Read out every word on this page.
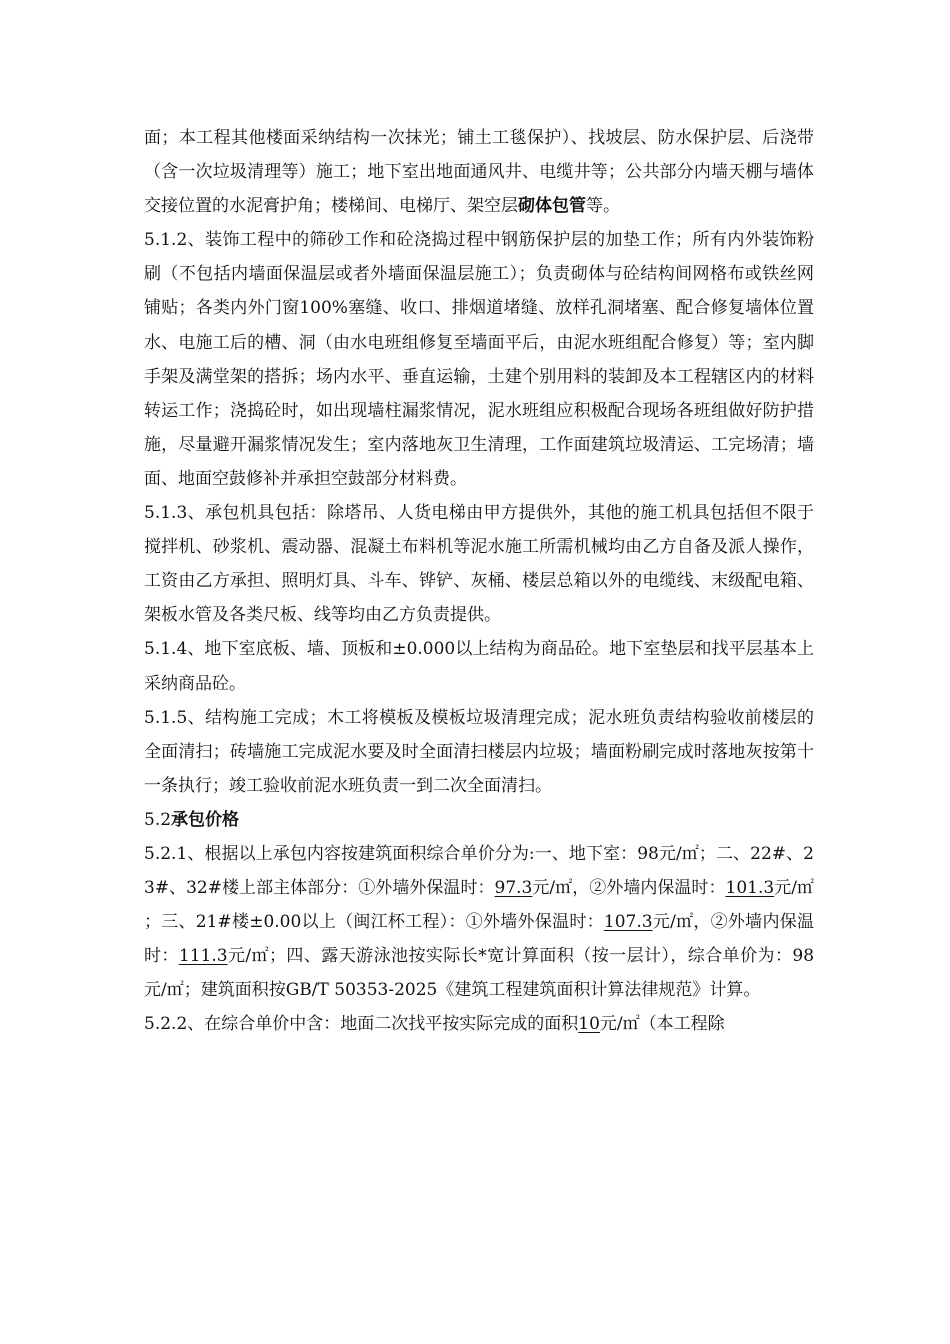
面；本工程其他楼面采纳结构一次抹光；铺土工毯保护）、找坡层、防水保护层、后浇带（含一次垃圾清理等）施工；地下室出地面通风井、电缆井等；公共部分内墙天棚与墙体交接位置的水泥膏护角；楼梯间、电梯厅、架空层砌体包管等。

5.1.2、装饰工程中的筛砂工作和砼浇捣过程中钢筋保护层的加垫工作；所有内外装饰粉刷（不包括内墙面保温层或者外墙面保温层施工）；负责砌体与砼结构间网格布或铁丝网铺贴；各类内外门窗100%塞缝、收口、排烟道堵缝、放样孔洞堵塞、配合修复墙体位置水、电施工后的槽、洞（由水电班组修复至墙面平后，由泥水班组配合修复）等；室内脚手架及满堂架的搭拆；场内水平、垂直运输，土建个别用料的装卸及本工程辖区内的材料转运工作；浇捣砼时，如出现墙柱漏浆情况，泥水班组应积极配合现场各班组做好防护措施，尽量避开漏浆情况发生；室内落地灰卫生清理，工作面建筑垃圾清运、工完场清；墙面、地面空鼓修补并承担空鼓部分材料费。

5.1.3、承包机具包括：除塔吊、人货电梯由甲方提供外，其他的施工机具包括但不限于搅拌机、砂浆机、震动器、混凝土布料机等泥水施工所需机械均由乙方自备及派人操作，工资由乙方承担、照明灯具、斗车、铧铲、灰桶、楼层总箱以外的电缆线、末级配电箱、架板水管及各类尺板、线等均由乙方负责提供。

5.1.4、地下室底板、墙、顶板和±0.000以上结构为商品砼。地下室垫层和找平层基本上采纳商品砼。

5.1.5、结构施工完成；木工将模板及模板垃圾清理完成；泥水班负责结构验收前楼层的全面清扫；砖墙施工完成泥水要及时全面清扫楼层内垃圾；墙面粉刷完成时落地灰按第十一条执行；竣工验收前泥水班负责一到二次全面清扫。

5.2承包价格

5.2.1、根据以上承包内容按建筑面积综合单价分为:一、地下室：98元/㎡；二、22#、23#、32#楼上部主体部分：①外墙外保温时：97.3元/㎡，②外墙内保温时：101.3元/㎡；三、21#楼±0.00以上（闽江杯工程）：①外墙外保温时：107.3元/㎡，②外墙内保温时：111.3元/㎡；四、露天游泳池按实际长*宽计算面积（按一层计），综合单价为：98元/㎡；建筑面积按GB/T 50353-2025《建筑工程建筑面积计算法律规范》计算。

5.2.2、在综合单价中含：地面二次找平按实际完成的面积10元/㎡（本工程除
